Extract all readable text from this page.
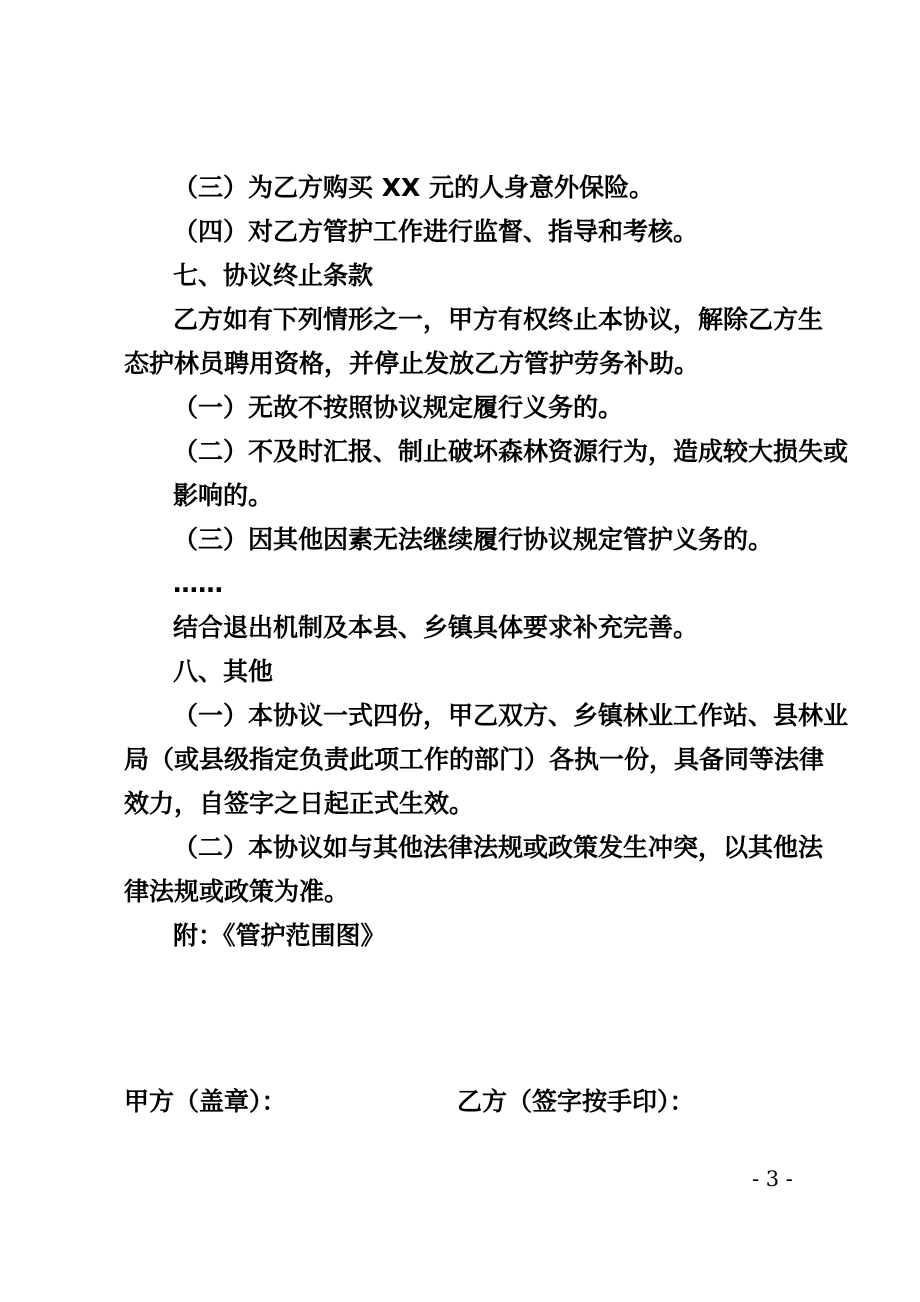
（三）为乙方购买 XX 元的人身意外保险。
（四）对乙方管护工作进行监督、指导和考核。
七、协议终止条款
乙方如有下列情形之一，甲方有权终止本协议，解除乙方生
态护林员聘用资格，并停止发放乙方管护劳务补助。
（一）无故不按照协议规定履行义务的。
（二）不及时汇报、制止破坏森林资源行为，造成较大损失或
影响的。
（三）因其他因素无法继续履行协议规定管护义务的。
……
结合退出机制及本县、乡镇具体要求补充完善。
八、其他
（一）本协议一式四份，甲乙双方、乡镇林业工作站、县林业
局（或县级指定负责此项工作的部门）各执一份，具备同等法律
效力，自签字之日起正式生效。
（二）本协议如与其他法律法规或政策发生冲突，以其他法
律法规或政策为准。
附：《管护范围图》
甲方（盖章）：	乙方（签字按手印）：
- 3 -
